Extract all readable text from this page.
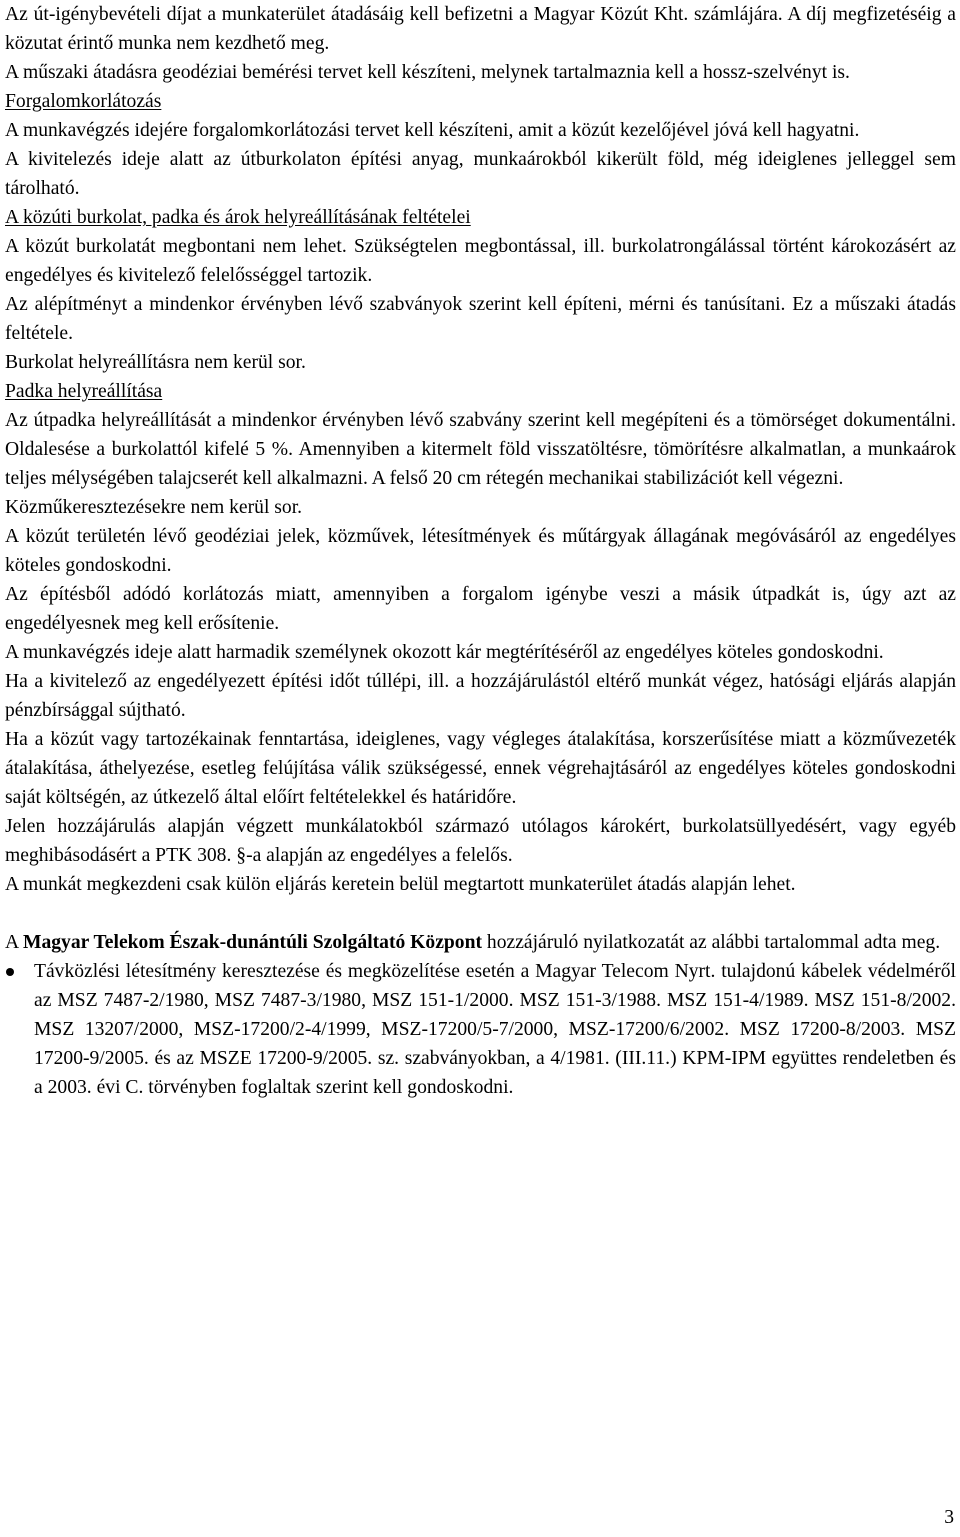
Az út-igénybevételi díjat a munkaterület átadásáig kell befizetni a Magyar Közút Kht. számlájára. A díj megfizetéséig a közutat érintő munka nem kezdhető meg.

A műszaki átadásra geodéziai bemérési tervet kell készíteni, melynek tartalmaznia kell a hossz-szelvényt is.

Forgalomkorlátozás

A munkavégzés idejére forgalomkorlátozási tervet kell készíteni, amit a közút kezelőjével jóvá kell hagyatni.

A kivitelezés ideje alatt az útburkolaton építési anyag, munkaárokból kikerült föld, még ideiglenes jelleggel sem tárolható.

A közúti burkolat, padka és árok helyreállításának feltételei

A közút burkolatát megbontani nem lehet. Szükségtelen megbontással, ill. burkolatrongálással történt károkozásért az engedélyes és kivitelező felelősséggel tartozik.

Az alépítményt a mindenkor érvényben lévő szabványok szerint kell építeni, mérni és tanúsítani. Ez a műszaki átadás feltétele.

Burkolat helyreállításra nem kerül sor.

Padka helyreállítása

Az útpadka helyreállítását a mindenkor érvényben lévő szabvány szerint kell megépíteni és a tömörséget dokumentálni. Oldalesése a burkolattól kifelé 5 %. Amennyiben a kitermelt föld visszatöltésre, tömörítésre alkalmatlan, a munkaárok teljes mélységében talajcserét kell alkalmazni. A felső 20 cm rétegén mechanikai stabilizációt kell végezni.

Közműkeresztezésekre nem kerül sor.

A közút területén lévő geodéziai jelek, közművek, létesítmények és műtárgyak állagának megóvásáról az engedélyes köteles gondoskodni.

Az építésből adódó korlátozás miatt, amennyiben a forgalom igénybe veszi a másik útpadkát is, úgy azt az engedélyesnek meg kell erősítenie.

A munkavégzés ideje alatt harmadik személynek okozott kár megtérítéséről az engedélyes köteles gondoskodni.

Ha a kivitelező az engedélyezett építési időt túllépi, ill. a hozzájárulástól eltérő munkát végez, hatósági eljárás alapján pénzbírsággal sújtható.

Ha a közút vagy tartozékainak fenntartása, ideiglenes, vagy végleges átalakítása, korszerűsítése miatt a közművezeték átalakítása, áthelyezése, esetleg felújítása válik szükségessé, ennek végrehajtásáról az engedélyes köteles gondoskodni saját költségén, az útkezelő által előírt feltételekkel és határidőre.

Jelen hozzájárulás alapján végzett munkálatokból származó utólagos károkért, burkolatsüllyedésért, vagy egyéb meghibásodásért a PTK 308. §-a alapján az engedélyes a felelős.

A munkát megkezdeni csak külön eljárás keretein belül megtartott munkaterület átadás alapján lehet.

A Magyar Telekom Észak-dunántúli Szolgáltató Központ hozzájáruló nyilatkozatát az alábbi tartalommal adta meg.

Távközlési létesítmény keresztezése és megközelítése esetén a Magyar Telecom Nyrt. tulajdonú kábelek védelméről az MSZ 7487-2/1980, MSZ 7487-3/1980, MSZ 151-1/2000. MSZ 151-3/1988. MSZ 151-4/1989. MSZ 151-8/2002. MSZ 13207/2000, MSZ-17200/2-4/1999, MSZ-17200/5-7/2000, MSZ-17200/6/2002. MSZ 17200-8/2003. MSZ 17200-9/2005. és az MSZE 17200-9/2005. sz. szabványokban, a 4/1981. (III.11.) KPM-IPM együttes rendeletben és a 2003. évi C. törvényben foglaltak szerint kell gondoskodni.

3
